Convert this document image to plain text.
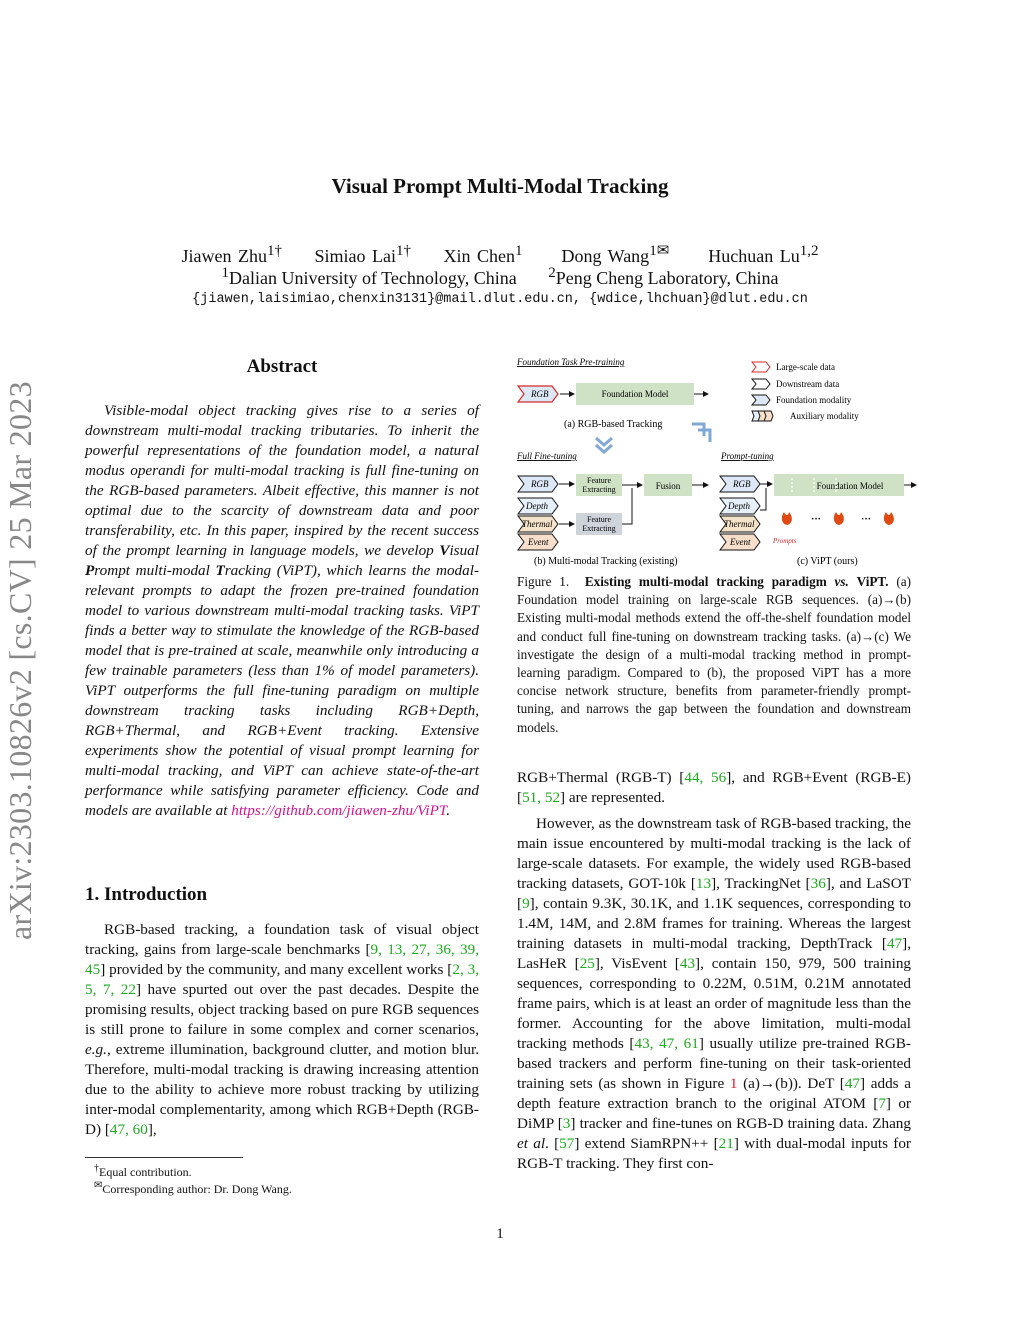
Visual Prompt Multi-Modal Tracking
Jiawen Zhu$^{1\dagger}$ Simiao Lai$^{1\dagger}$ Xin Chen$^1$ Dong Wang$^{1✉}$ Huchuan Lu$^{1,2}$
$^1$Dalian University of Technology, China $^2$Peng Cheng Laboratory, China
{jiawen,laisimiao,chenxin3131}@mail.dlut.edu.cn, {wdice,lhchuan}@dlut.edu.cn
arXiv:2303.10826v2 [cs.CV] 25 Mar 2023
Abstract

Visible-modal object tracking gives rise to a series of downstream multi-modal tracking tributaries. To inherit the powerful representations of the foundation model, a natural modus operandi for multi-modal tracking is full fine-tuning on the RGB-based parameters. Albeit effective, this manner is not optimal due to the scarcity of downstream data and poor transferability, etc. In this paper, inspired by the recent success of the prompt learning in language models, we develop Visual Prompt multi-modal Tracking (ViPT), which learns the modal-relevant prompts to adapt the frozen pre-trained foundation model to various downstream multi-modal tracking tasks. ViPT finds a better way to stimulate the knowledge of the RGB-based model that is pre-trained at scale, meanwhile only introducing a few trainable parameters (less than 1% of model parameters). ViPT outperforms the full fine-tuning paradigm on multiple downstream tracking tasks including RGB+Depth, RGB+Thermal, and RGB+Event tracking. Extensive experiments show the potential of visual prompt learning for multi-modal tracking, and ViPT can achieve state-of-the-art performance while satisfying parameter efficiency. Code and models are available at https://github.com/jiawen-zhu/ViPT.

1. Introduction

RGB-based tracking, a foundation task of visual object tracking, gains from large-scale benchmarks [9, 13, 27, 36, 39, 45] provided by the community, and many excellent works [2, 3, 5, 7, 22] have spurted out over the past decades. Despite the promising results, object tracking based on pure RGB sequences is still prone to failure in some complex and corner scenarios, e.g., extreme illumination, background clutter, and motion blur. Therefore, multi-modal tracking is drawing increasing attention due to the ability to achieve more robust tracking by utilizing inter-modal complementarity, among which RGB+Depth (RGB-D) [47, 60],

†Equal contribution.
✉Corresponding author: Dr. Dong Wang.
Foundation Task Pre-training
RGB	Foundation Model
(a) RGB-based Tracking
Full Fine-tuning
RGB
Depth
Thermal
Event
Feature
Extracting
Feature
Extracting
Fusion
(b) Multi-modal Tracking (existing)
Prompt-tuning
RGB
Depth
Thermal
Event
Foundation Model
···	···
Prompts
(c) ViPT (ours)
Large-scale data
Downstream data
Foundation modality
Auxiliary modality
Figure 1. Existing multi-modal tracking paradigm vs. ViPT. (a) Foundation model training on large-scale RGB sequences. (a)→(b) Existing multi-modal methods extend the off-the-shelf foundation model and conduct full fine-tuning on downstream tracking tasks. (a)→(c) We investigate the design of a multi-modal tracking method in prompt-learning paradigm. Compared to (b), the proposed ViPT has a more concise network structure, benefits from parameter-friendly prompt-tuning, and narrows the gap between the foundation and downstream models.

RGB+Thermal (RGB-T) [44, 56], and RGB+Event (RGB-E) [51, 52] are represented.

However, as the downstream task of RGB-based tracking, the main issue encountered by multi-modal tracking is the lack of large-scale datasets. For example, the widely used RGB-based tracking datasets, GOT-10k [13], TrackingNet [36], and LaSOT [9], contain 9.3K, 30.1K, and 1.1K sequences, corresponding to 1.4M, 14M, and 2.8M frames for training. Whereas the largest training datasets in multi-modal tracking, DepthTrack [47], LasHeR [25], VisEvent [43], contain 150, 979, 500 training sequences, corresponding to 0.22M, 0.51M, 0.21M annotated frame pairs, which is at least an order of magnitude less than the former. Accounting for the above limitation, multi-modal tracking methods [43, 47, 61] usually utilize pre-trained RGB-based trackers and perform fine-tuning on their task-oriented training sets (as shown in Figure 1 (a)→(b)). DeT [47] adds a depth feature extraction branch to the original ATOM [7] or DiMP [3] tracker and fine-tunes on RGB-D training data. Zhang et al. [57] extend SiamRPN++ [21] with dual-modal inputs for RGB-T tracking. They first con-

1
